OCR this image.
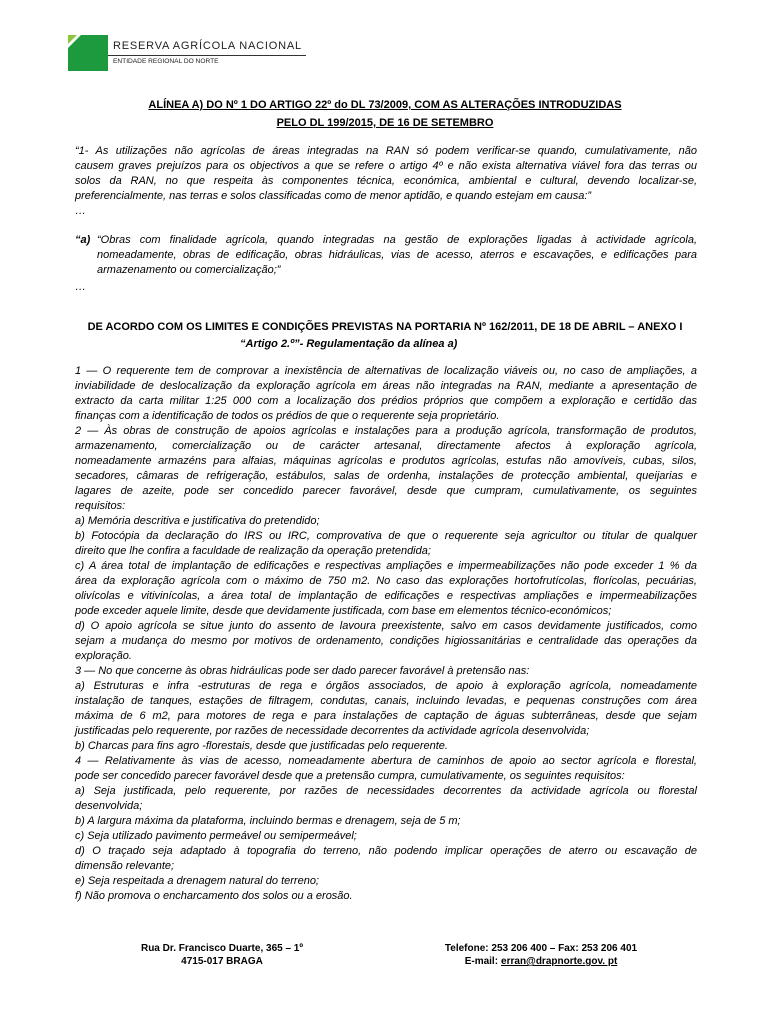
RESERVA AGRÍCOLA NACIONAL
ENTIDADE REGIONAL DO NORTE
ALÍNEA A) DO Nº 1 DO ARTIGO 22º do DL 73/2009, COM AS ALTERAÇÕES INTRODUZIDAS
PELO DL 199/2015, DE 16 DE SETEMBRO
“1- As utilizações não agrícolas de áreas integradas na RAN só podem verificar-se quando, cumulativamente, não
causem graves prejuízos para os objectivos a que se refere o artigo 4º e não exista alternativa viável fora das terras ou
solos da RAN, no que respeita às componentes técnica, económica, ambiental e cultural, devendo localizar-se,
preferencialmente, nas terras e solos classificadas como de menor aptidão, e quando estejam em causa:”
…
“a) “Obras com finalidade agrícola, quando integradas na gestão de explorações ligadas à actividade agrícola,
nomeadamente, obras de edificação, obras hidráulicas, vias de acesso, aterros e escavações, e edificações para
armazenamento ou comercialização;”
…
DE ACORDO COM OS LIMITES E CONDIÇÕES PREVISTAS NA PORTARIA Nº 162/2011, DE 18 DE ABRIL – ANEXO I
“Artigo 2.º”- Regulamentação da alínea a)
1 — O requerente tem de comprovar a inexistência de alternativas de localização viáveis ou, no caso de ampliações, a
inviabilidade de deslocalização da exploração agrícola em áreas não integradas na RAN, mediante a apresentação de
extracto da carta militar 1:25 000 com a localização dos prédios próprios que compõem a exploração e certidão das
finanças com a identificação de todos os prédios de que o requerente seja proprietário.
2 — Às obras de construção de apoios agrícolas e instalações para a produção agrícola, transformação de produtos,
armazenamento, comercialização ou de carácter artesanal, directamente afectos à exploração agrícola,
nomeadamente armazéns para alfaias, máquinas agrícolas e produtos agrícolas, estufas não amovíveis, cubas, silos,
secadores, câmaras de refrigeração, estábulos, salas de ordenha, instalações de protecção ambiental, queijarias e
lagares de azeite, pode ser concedido parecer favorável, desde que cumpram, cumulativamente, os seguintes
requisitos:
a) Memória descritiva e justificativa do pretendido;
b) Fotocópia da declaração do IRS ou IRC, comprovativa de que o requerente seja agricultor ou titular de qualquer
direito que lhe confira a faculdade de realização da operação pretendida;
c) A área total de implantação de edificações e respectivas ampliações e impermeabilizações não pode exceder 1 % da
área da exploração agrícola com o máximo de 750 m2. No caso das explorações hortofrutícolas, florícolas, pecuárias,
olivícolas e vitivinícolas, a área total de implantação de edificações e respectivas ampliações e impermeabilizações
pode exceder aquele limite, desde que devidamente justificada, com base em elementos técnico-económicos;
d) O apoio agrícola se situe junto do assento de lavoura preexistente, salvo em casos devidamente justificados, como
sejam a mudança do mesmo por motivos de ordenamento, condições higiossanitárias e centralidade das operações da
exploração.
3 — No que concerne às obras hidráulicas pode ser dado parecer favorável à pretensão nas:
a) Estruturas e infra -estruturas de rega e órgãos associados, de apoio à exploração agrícola, nomeadamente
instalação de tanques, estações de filtragem, condutas, canais, incluindo levadas, e pequenas construções com área
máxima de 6 m2, para motores de rega e para instalações de captação de águas subterrâneas, desde que sejam
justificadas pelo requerente, por razões de necessidade decorrentes da actividade agrícola desenvolvida;
b) Charcas para fins agro -florestais, desde que justificadas pelo requerente.
4 — Relativamente às vias de acesso, nomeadamente abertura de caminhos de apoio ao sector agrícola e florestal,
pode ser concedido parecer favorável desde que a pretensão cumpra, cumulativamente, os seguintes requisitos:
a) Seja justificada, pelo requerente, por razões de necessidades decorrentes da actividade agrícola ou florestal
desenvolvida;
b) A largura máxima da plataforma, incluindo bermas e drenagem, seja de 5 m;
c) Seja utilizado pavimento permeável ou semipermeável;
d) O traçado seja adaptado à topografia do terreno, não podendo implicar operações de aterro ou escavação de
dimensão relevante;
e) Seja respeitada a drenagem natural do terreno;
f) Não promova o encharcamento dos solos ou a erosão.
Rua Dr. Francisco Duarte, 365 – 1º
4715-017 BRAGA
Telefone: 253 206 400 – Fax: 253 206 401
E-mail: erran@drapnorte.gov. pt
